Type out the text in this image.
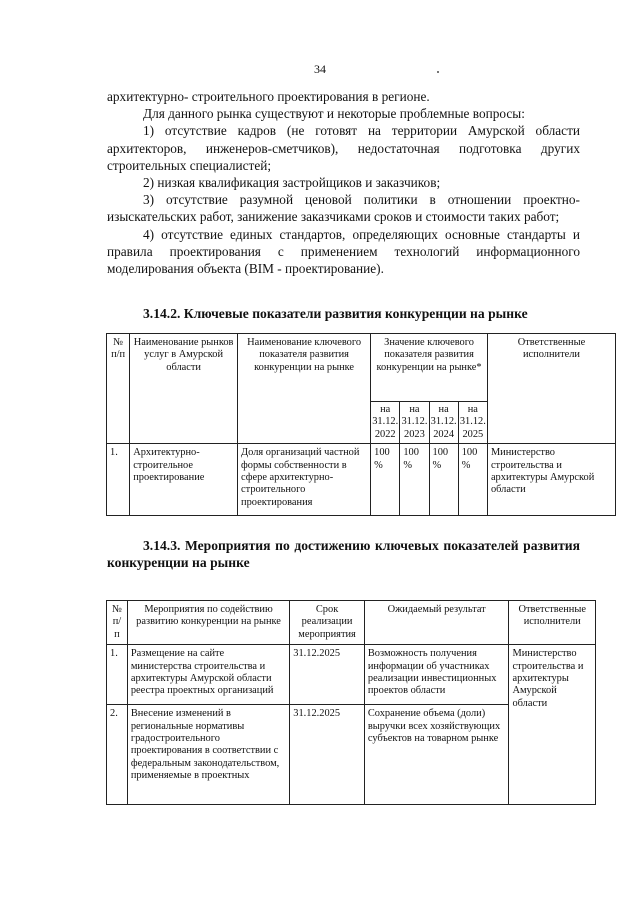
34

архитектурно- строительного проектирования в регионе.

Для данного рынка существуют и некоторые проблемные вопросы:

1) отсутствие кадров (не готовят на территории Амурской области архитекторов, инженеров-сметчиков), недостаточная подготовка других строительных специалистей;

2) низкая квалификация застройщиков и заказчиков;

3) отсутствие разумной ценовой политики в отношении проектно-изыскательских работ, занижение заказчиками сроков и стоимости таких работ;

4) отсутствие единых стандартов, определяющих основные стандарты и правила проектирования с применением технологий информационного моделирования объекта (BIM - проектирование).

3.14.2. Ключевые показатели развития конкуренции на рынке
№ п/п	Наименование рынков услуг в Амурской области	Наименование ключевого показателя развития конкуренции на рынке	Значение ключевого показателя развития конкуренции на рынке*				Ответственные исполнители
			на 31.12. 2022	на 31.12. 2023	на 31.12. 2024	на 31.12. 2025	
1.	Архитектурно-строительное проектирование	Доля организаций частной формы собственности в сфере архитектурно-строительного проектирования	100 %	100 %	100 %	100 %	Министерство строительства и архитектуры Амурской области
3.14.3. Мероприятия по достижению ключевых показателей развития конкуренции на рынке
№ п/п	Мероприятия по содействию развитию конкуренции на рынке	Срок реализации мероприятия	Ожидаемый результат	Ответственные исполнители
1.	Размещение на сайте министерства строительства и архитектуры Амурской области реестра проектных организаций	31.12.2025	Возможность получения информации об участниках реализации инвестиционных проектов области	Министерство строительства и архитектуры Амурской области
2.	Внесение изменений в региональные нормативы градостроительного проектирования в соответствии с федеральным законодательством, применяемые в проектных	31.12.2025	Сохранение объема (доли) выручки всех хозяйствующих субъектов на товарном рынке	
